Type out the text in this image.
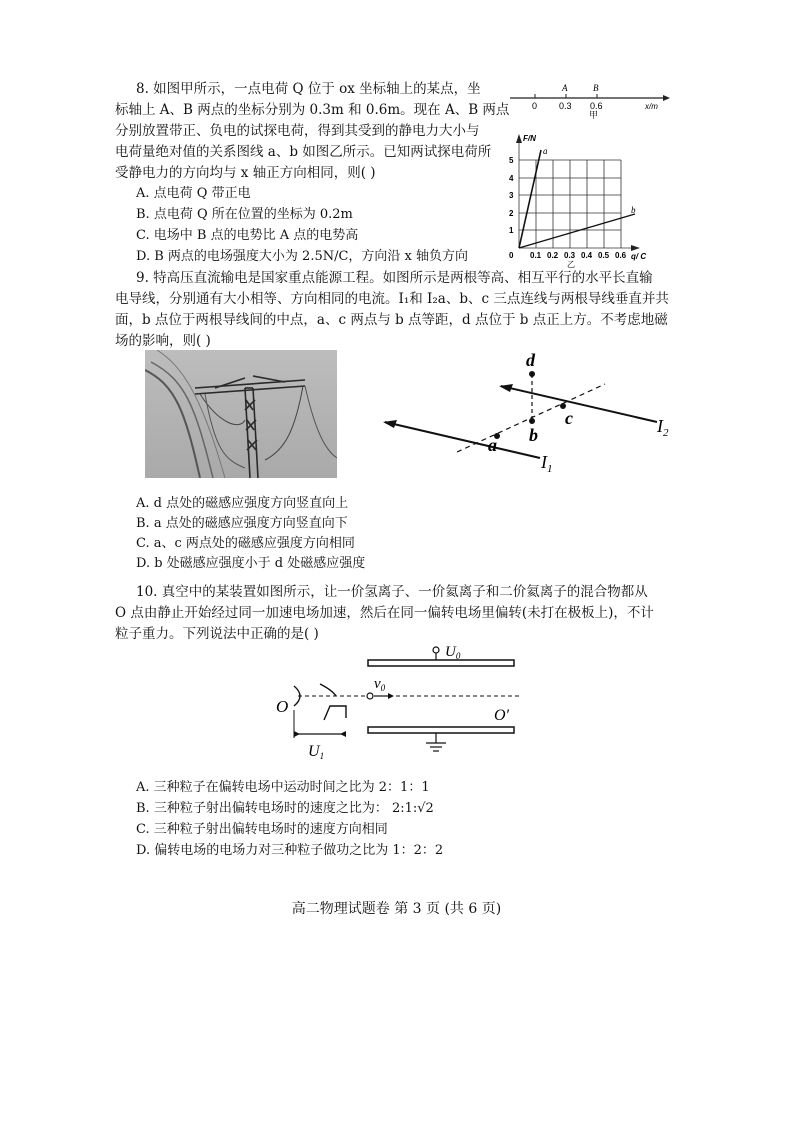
8. 如图甲所示，一点电荷 Q 位于 ox 坐标轴上的某点，坐
标轴上 A、B 两点的坐标分别为 0.3m 和 0.6m。现在 A、B 两点
分别放置带正、负电的试探电荷，得到其受到的静电力大小与
电荷量绝对值的关系图线 a、b 如图乙所示。已知两试探电荷所
受静电力的方向均与 x 轴正方向相同，则( )
A. 点电荷 Q 带正电
B. 点电荷 Q 所在位置的坐标为 0.2m
C. 电场中 B 点的电势比 A 点的电势高
D. B 两点的电场强度大小为 2.5N/C，方向沿 x 轴负方向
A	B
0 0.3 0.6	x/m
甲
a
b
F/N
1
2
3
4
5
0 0.1 0.2 0.3 0.4 0.5 0.6 q/ C
乙
9. 特高压直流输电是国家重点能源工程。如图所示是两根等高、相互平行的水平长直输
电导线，分别通有大小相等、方向相同的电流。I₁和 I₂a、b、c 三点连线与两根导线垂直并共
面，b 点位于两根导线间的中点，a、c 两点与 b 点等距，d 点位于 b 点正上方。不考虑地磁
场的影响，则( )
d
b
c
a
$I_1$
$I_2$
A. d 点处的磁感应强度方向竖直向上
B. a 点处的磁感应强度方向竖直向下
C. a、c 两点处的磁感应强度方向相同
D. b 处磁感应强度小于 d 处磁感应强度
10. 真空中的某装置如图所示，让一价氢离子、一价氦离子和二价氦离子的混合物都从
O 点由静止开始经过同一加速电场加速，然后在同一偏转电场里偏转(未打在极板上)，不计
粒子重力。下列说法中正确的是( )
$U_0$
$v_0$
O	O′
U1
A. 三种粒子在偏转电场中运动时间之比为 2：1：1
B. 三种粒子射出偏转电场时的速度之比为： 2:1:√2
C. 三种粒子射出偏转电场时的速度方向相同
D. 偏转电场的电场力对三种粒子做功之比为 1：2：2
高二物理试题卷 第 3 页 (共 6 页)
